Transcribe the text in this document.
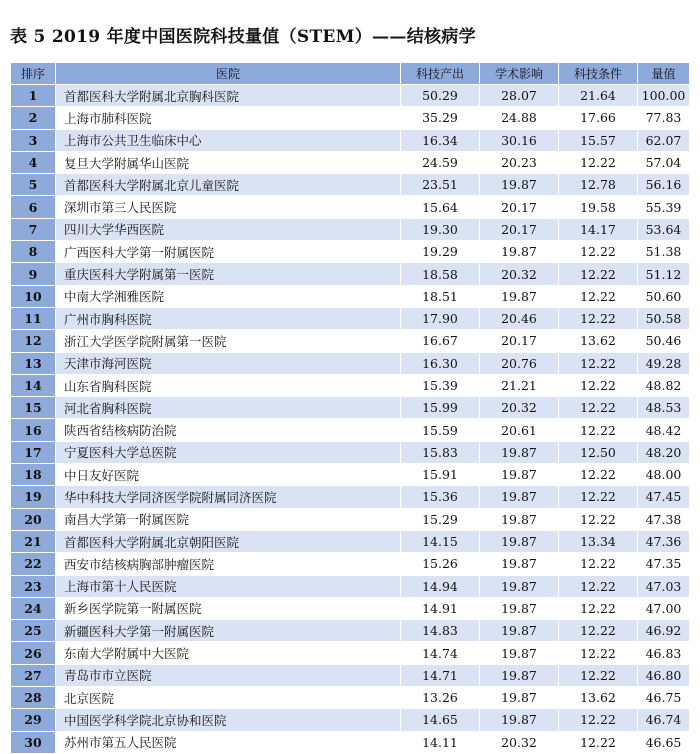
表 5 2019 年度中国医院科技量值（STEM）——结核病学
排序	医院	科技产出	学术影响	科技条件	量值
1	首都医科大学附属北京胸科医院	50.29	28.07	21.64	100.00
2	上海市肺科医院	35.29	24.88	17.66	77.83
3	上海市公共卫生临床中心	16.34	30.16	15.57	62.07
4	复旦大学附属华山医院	24.59	20.23	12.22	57.04
5	首都医科大学附属北京儿童医院	23.51	19.87	12.78	56.16
6	深圳市第三人民医院	15.64	20.17	19.58	55.39
7	四川大学华西医院	19.30	20.17	14.17	53.64
8	广西医科大学第一附属医院	19.29	19.87	12.22	51.38
9	重庆医科大学附属第一医院	18.58	20.32	12.22	51.12
10	中南大学湘雅医院	18.51	19.87	12.22	50.60
11	广州市胸科医院	17.90	20.46	12.22	50.58
12	浙江大学医学院附属第一医院	16.67	20.17	13.62	50.46
13	天津市海河医院	16.30	20.76	12.22	49.28
14	山东省胸科医院	15.39	21.21	12.22	48.82
15	河北省胸科医院	15.99	20.32	12.22	48.53
16	陕西省结核病防治院	15.59	20.61	12.22	48.42
17	宁夏医科大学总医院	15.83	19.87	12.50	48.20
18	中日友好医院	15.91	19.87	12.22	48.00
19	华中科技大学同济医学院附属同济医院	15.36	19.87	12.22	47.45
20	南昌大学第一附属医院	15.29	19.87	12.22	47.38
21	首都医科大学附属北京朝阳医院	14.15	19.87	13.34	47.36
22	西安市结核病胸部肿瘤医院	15.26	19.87	12.22	47.35
23	上海市第十人民医院	14.94	19.87	12.22	47.03
24	新乡医学院第一附属医院	14.91	19.87	12.22	47.00
25	新疆医科大学第一附属医院	14.83	19.87	12.22	46.92
26	东南大学附属中大医院	14.74	19.87	12.22	46.83
27	青岛市市立医院	14.71	19.87	12.22	46.80
28	北京医院	13.26	19.87	13.62	46.75
29	中国医学科学院北京协和医院	14.65	19.87	12.22	46.74
30	苏州市第五人民医院	14.11	20.32	12.22	46.65
